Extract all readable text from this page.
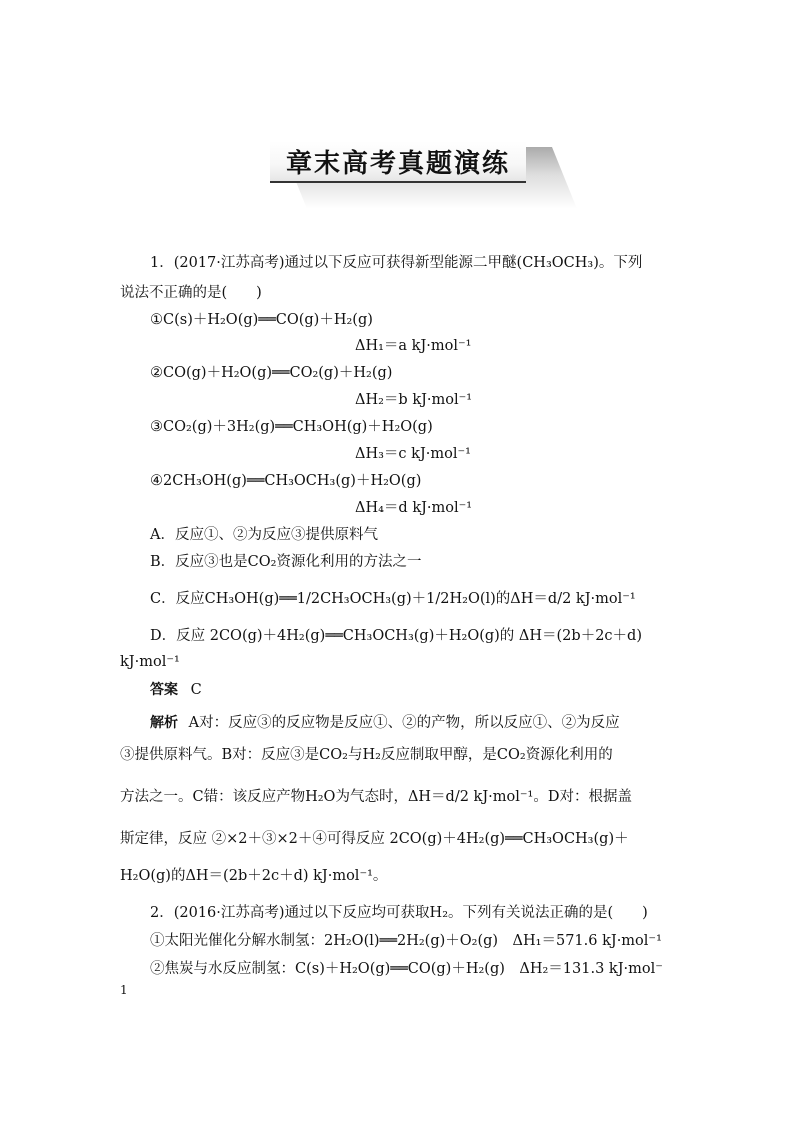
章末高考真题演练
1．(2017·江苏高考)通过以下反应可获得新型能源二甲醚(CH₃OCH₃)。下列
说法不正确的是(　　)
①C(s)＋H₂O(g)══CO(g)＋H₂(g)
ΔH₁＝a kJ·mol⁻¹
②CO(g)＋H₂O(g)══CO₂(g)＋H₂(g)
ΔH₂＝b kJ·mol⁻¹
③CO₂(g)＋3H₂(g)══CH₃OH(g)＋H₂O(g)
ΔH₃＝c kJ·mol⁻¹
④2CH₃OH(g)══CH₃OCH₃(g)＋H₂O(g)
ΔH₄＝d kJ·mol⁻¹
A．反应①、②为反应③提供原料气
B．反应③也是CO₂资源化利用的方法之一
C．反应CH₃OH(g)══1/2CH₃OCH₃(g)＋1/2H₂O(l)的ΔH＝d/2 kJ·mol⁻¹
D．反应 2CO(g)＋4H₂(g)══CH₃OCH₃(g)＋H₂O(g)的 ΔH＝(2b＋2c＋d)
kJ·mol⁻¹
答案 C
解析 A对：反应③的反应物是反应①、②的产物，所以反应①、②为反应
③提供原料气。B对：反应③是CO₂与H₂反应制取甲醇，是CO₂资源化利用的
方法之一。C错：该反应产物H₂O为气态时，ΔH＝d/2 kJ·mol⁻¹。D对：根据盖
斯定律，反应 ②×2＋③×2＋④可得反应 2CO(g)＋4H₂(g)══CH₃OCH₃(g)＋
H₂O(g)的ΔH＝(2b＋2c＋d) kJ·mol⁻¹。
2．(2016·江苏高考)通过以下反应均可获取H₂。下列有关说法正确的是(　　)
①太阳光催化分解水制氢：2H₂O(l)══2H₂(g)＋O₂(g)　ΔH₁＝571.6 kJ·mol⁻¹
②焦炭与水反应制氢：C(s)＋H₂O(g)══CO(g)＋H₂(g)　ΔH₂＝131.3 kJ·mol⁻
1
